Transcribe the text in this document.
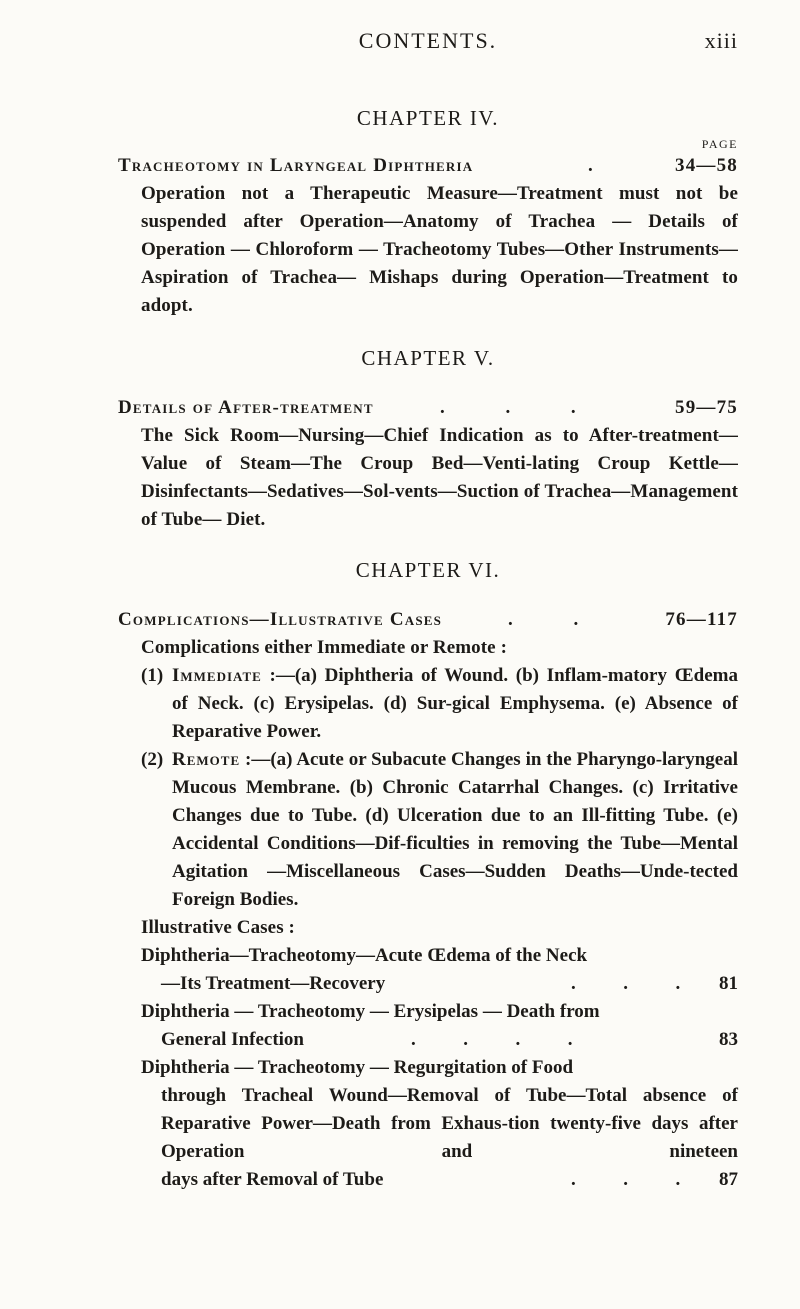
CONTENTS.	xiii
CHAPTER IV.
PAGE
Tracheotomy in Laryngeal Diphtheria	.	34—58
Operation not a Therapeutic Measure—Treatment must not be suspended after Operation—Anatomy of Trachea — Details of Operation — Chloroform — Tracheotomy Tubes—Other Instruments—Aspiration of Trachea— Mishaps during Operation—Treatment to adopt.
CHAPTER V.
Details of After-treatment	.          .          .	59—75
The Sick Room—Nursing—Chief Indication as to After-treatment—Value of Steam—The Croup Bed—Venti-lating Croup Kettle—Disinfectants—Sedatives—Sol-vents—Suction of Trachea—Management of Tube— Diet.
CHAPTER VI.
Complications—Illustrative Cases	.          .	76—117
Complications either Immediate or Remote :
(1) Immediate :—(a) Diphtheria of Wound. (b) Inflam-matory Œdema of Neck. (c) Erysipelas. (d) Sur-gical Emphysema. (e) Absence of Reparative Power.
(2) Remote :—(a) Acute or Subacute Changes in the Pharyngo-laryngeal Mucous Membrane. (b) Chronic Catarrhal Changes. (c) Irritative Changes due to Tube. (d) Ulceration due to an Ill-fitting Tube. (e) Accidental Conditions—Dif-ficulties in removing the Tube—Mental Agitation —Miscellaneous Cases—Sudden Deaths—Unde-tected Foreign Bodies.
Illustrative Cases :
Diphtheria—Tracheotomy—Acute Œdema of the Neck
—Its Treatment—Recovery	.          .          . 81
Diphtheria — Tracheotomy — Erysipelas — Death from
General Infection	.          .          .          .	83
Diphtheria — Tracheotomy — Regurgitation of Food
through Tracheal Wound—Removal of Tube—Total absence of Reparative Power—Death from Exhaus-tion twenty-five days after Operation and nineteen
days after Removal of Tube	.          .          . 87
